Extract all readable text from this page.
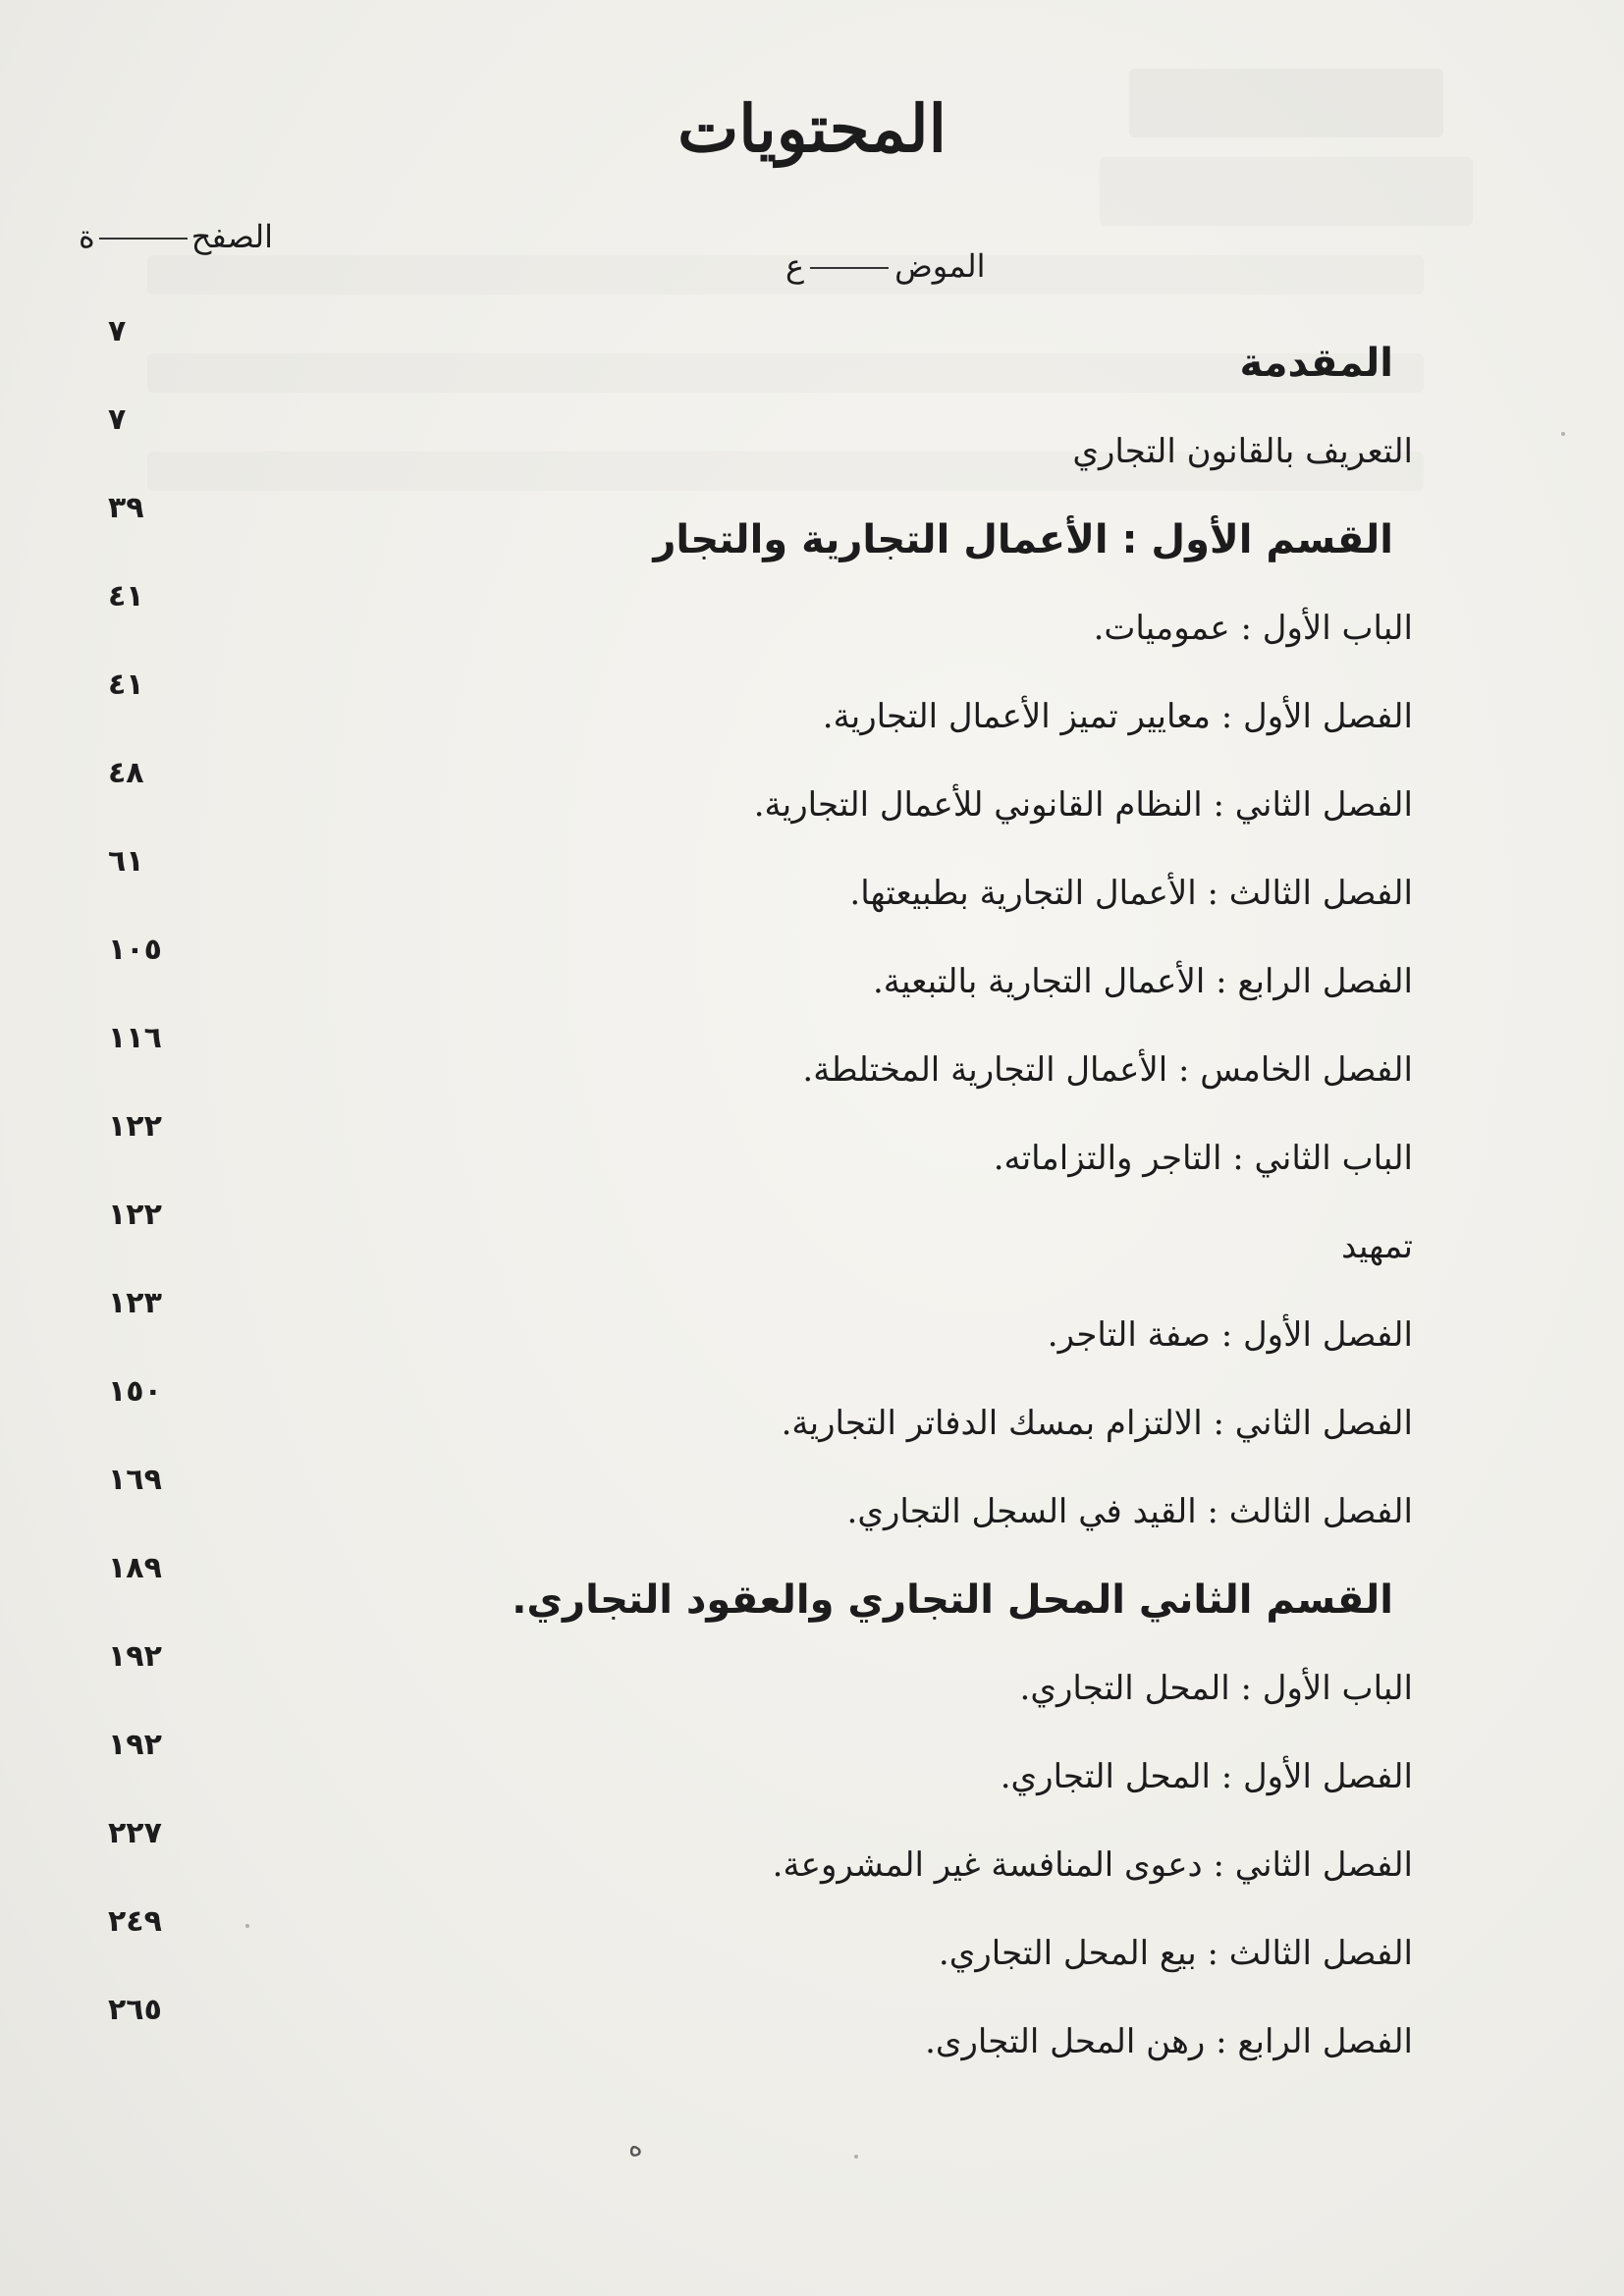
المحتويات
الصفحة
الموضع
٧
المقدمة
٧
التعريف بالقانون التجاري
٣٩
القسم الأول : الأعمال التجارية والتجار
٤١
الباب الأول : عموميات.
٤١
الفصل الأول : معايير تميز الأعمال التجارية.
٤٨
الفصل الثاني : النظام القانوني للأعمال التجارية.
٦١
الفصل الثالث : الأعمال التجارية بطبيعتها.
١٠٥
الفصل الرابع : الأعمال التجارية بالتبعية.
١١٦
الفصل الخامس : الأعمال التجارية المختلطة.
١٢٢
الباب الثاني : التاجر والتزاماته.
١٢٢
تمهيد
١٢٣
الفصل الأول : صفة التاجر.
١٥٠
الفصل الثاني : الالتزام بمسك الدفاتر التجارية.
١٦٩
الفصل الثالث : القيد في السجل التجاري.
١٨٩
القسم الثاني المحل التجاري والعقود التجاري.
١٩٢
الباب الأول : المحل التجاري.
١٩٢
الفصل الأول : المحل التجاري.
٢٢٧
الفصل الثاني : دعوى المنافسة غير المشروعة.
٢٤٩
الفصل الثالث : بيع المحل التجاري.
٢٦٥
الفصل الرابع : رهن المحل التجارى.
ه
